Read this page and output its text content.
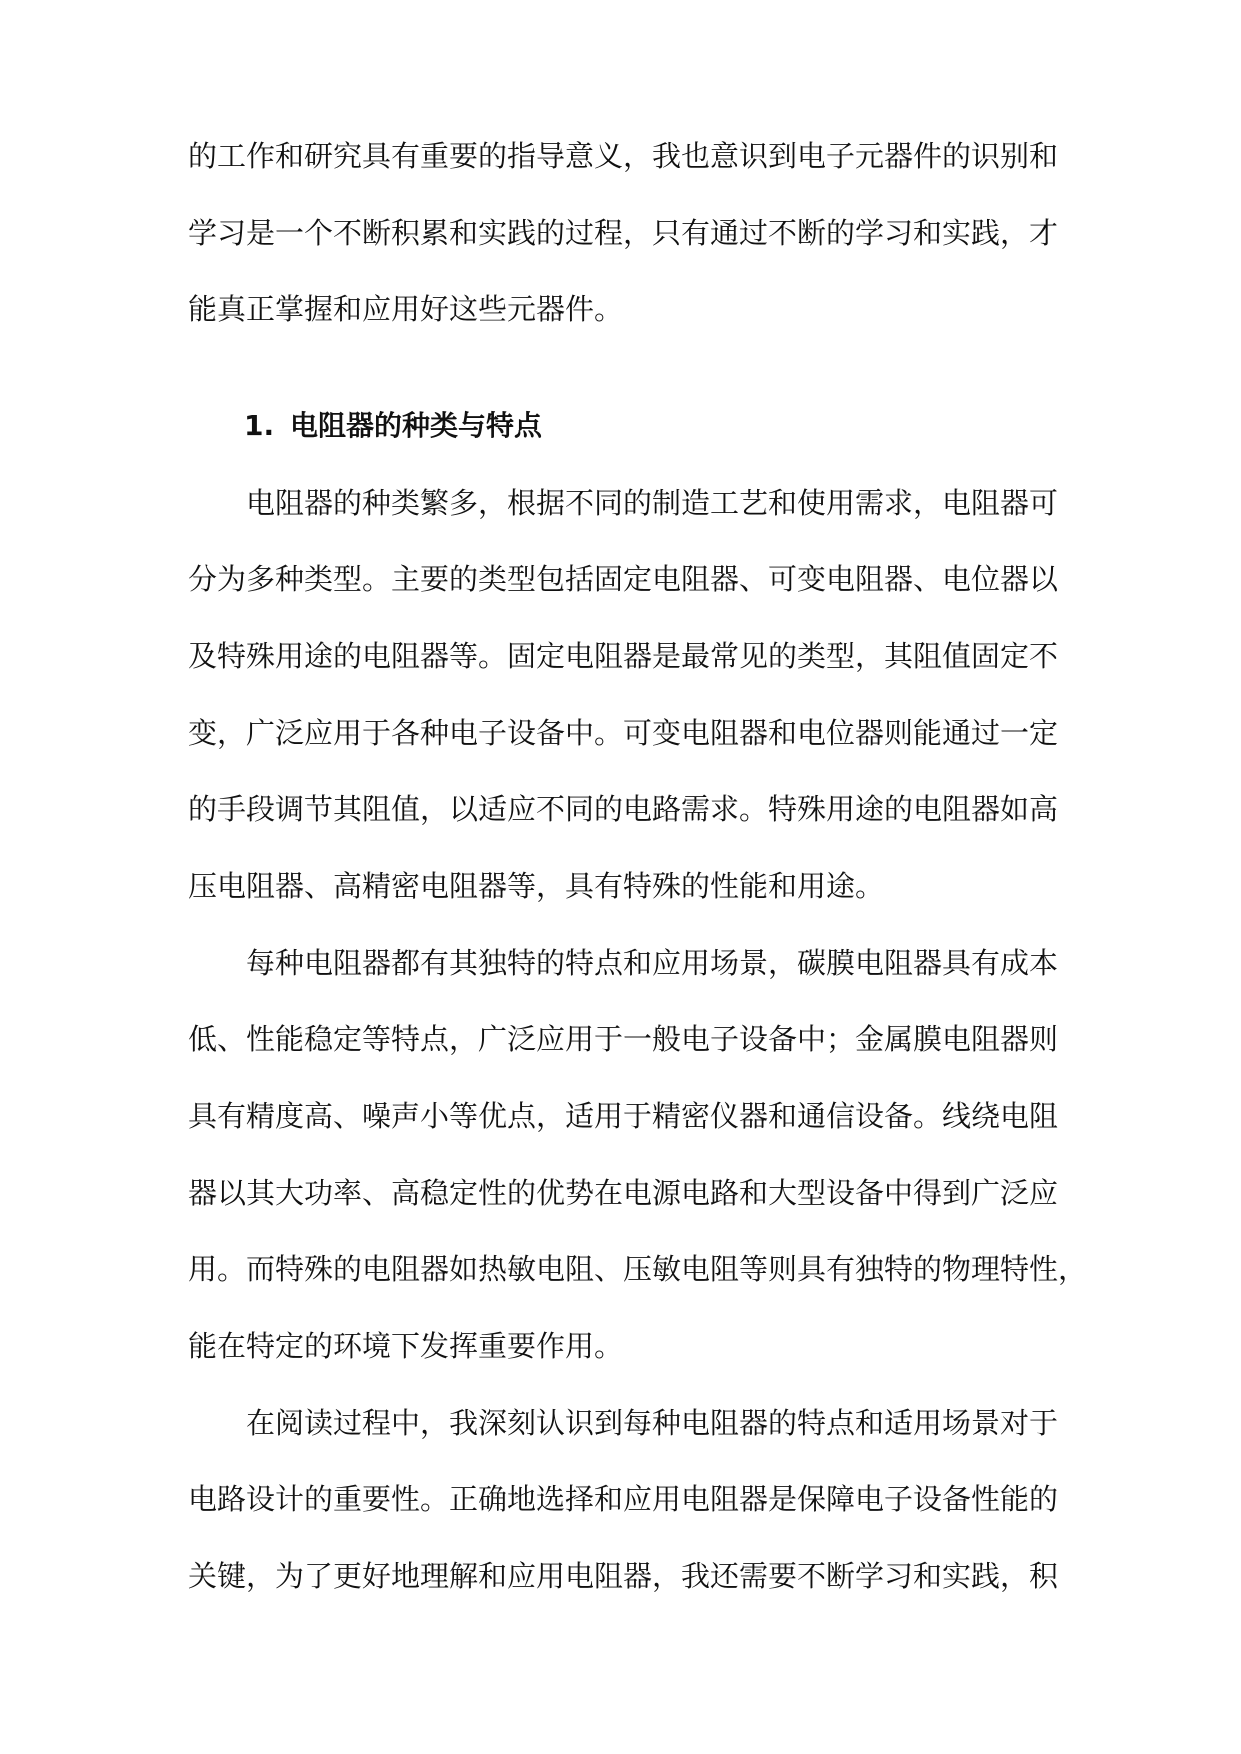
的工作和研究具有重要的指导意义，我也意识到电子元器件的识别和
学习是一个不断积累和实践的过程，只有通过不断的学习和实践，才
能真正掌握和应用好这些元器件。
1. 电阻器的种类与特点
电阻器的种类繁多，根据不同的制造工艺和使用需求，电阻器可
分为多种类型。主要的类型包括固定电阻器、可变电阻器、电位器以
及特殊用途的电阻器等。固定电阻器是最常见的类型，其阻值固定不
变，广泛应用于各种电子设备中。可变电阻器和电位器则能通过一定
的手段调节其阻值，以适应不同的电路需求。特殊用途的电阻器如高
压电阻器、高精密电阻器等，具有特殊的性能和用途。
每种电阻器都有其独特的特点和应用场景，碳膜电阻器具有成本
低、性能稳定等特点，广泛应用于一般电子设备中；金属膜电阻器则
具有精度高、噪声小等优点，适用于精密仪器和通信设备。线绕电阻
器以其大功率、高稳定性的优势在电源电路和大型设备中得到广泛应
用。而特殊的电阻器如热敏电阻、压敏电阻等则具有独特的物理特性，
能在特定的环境下发挥重要作用。
在阅读过程中，我深刻认识到每种电阻器的特点和适用场景对于
电路设计的重要性。正确地选择和应用电阻器是保障电子设备性能的
关键，为了更好地理解和应用电阻器，我还需要不断学习和实践，积
